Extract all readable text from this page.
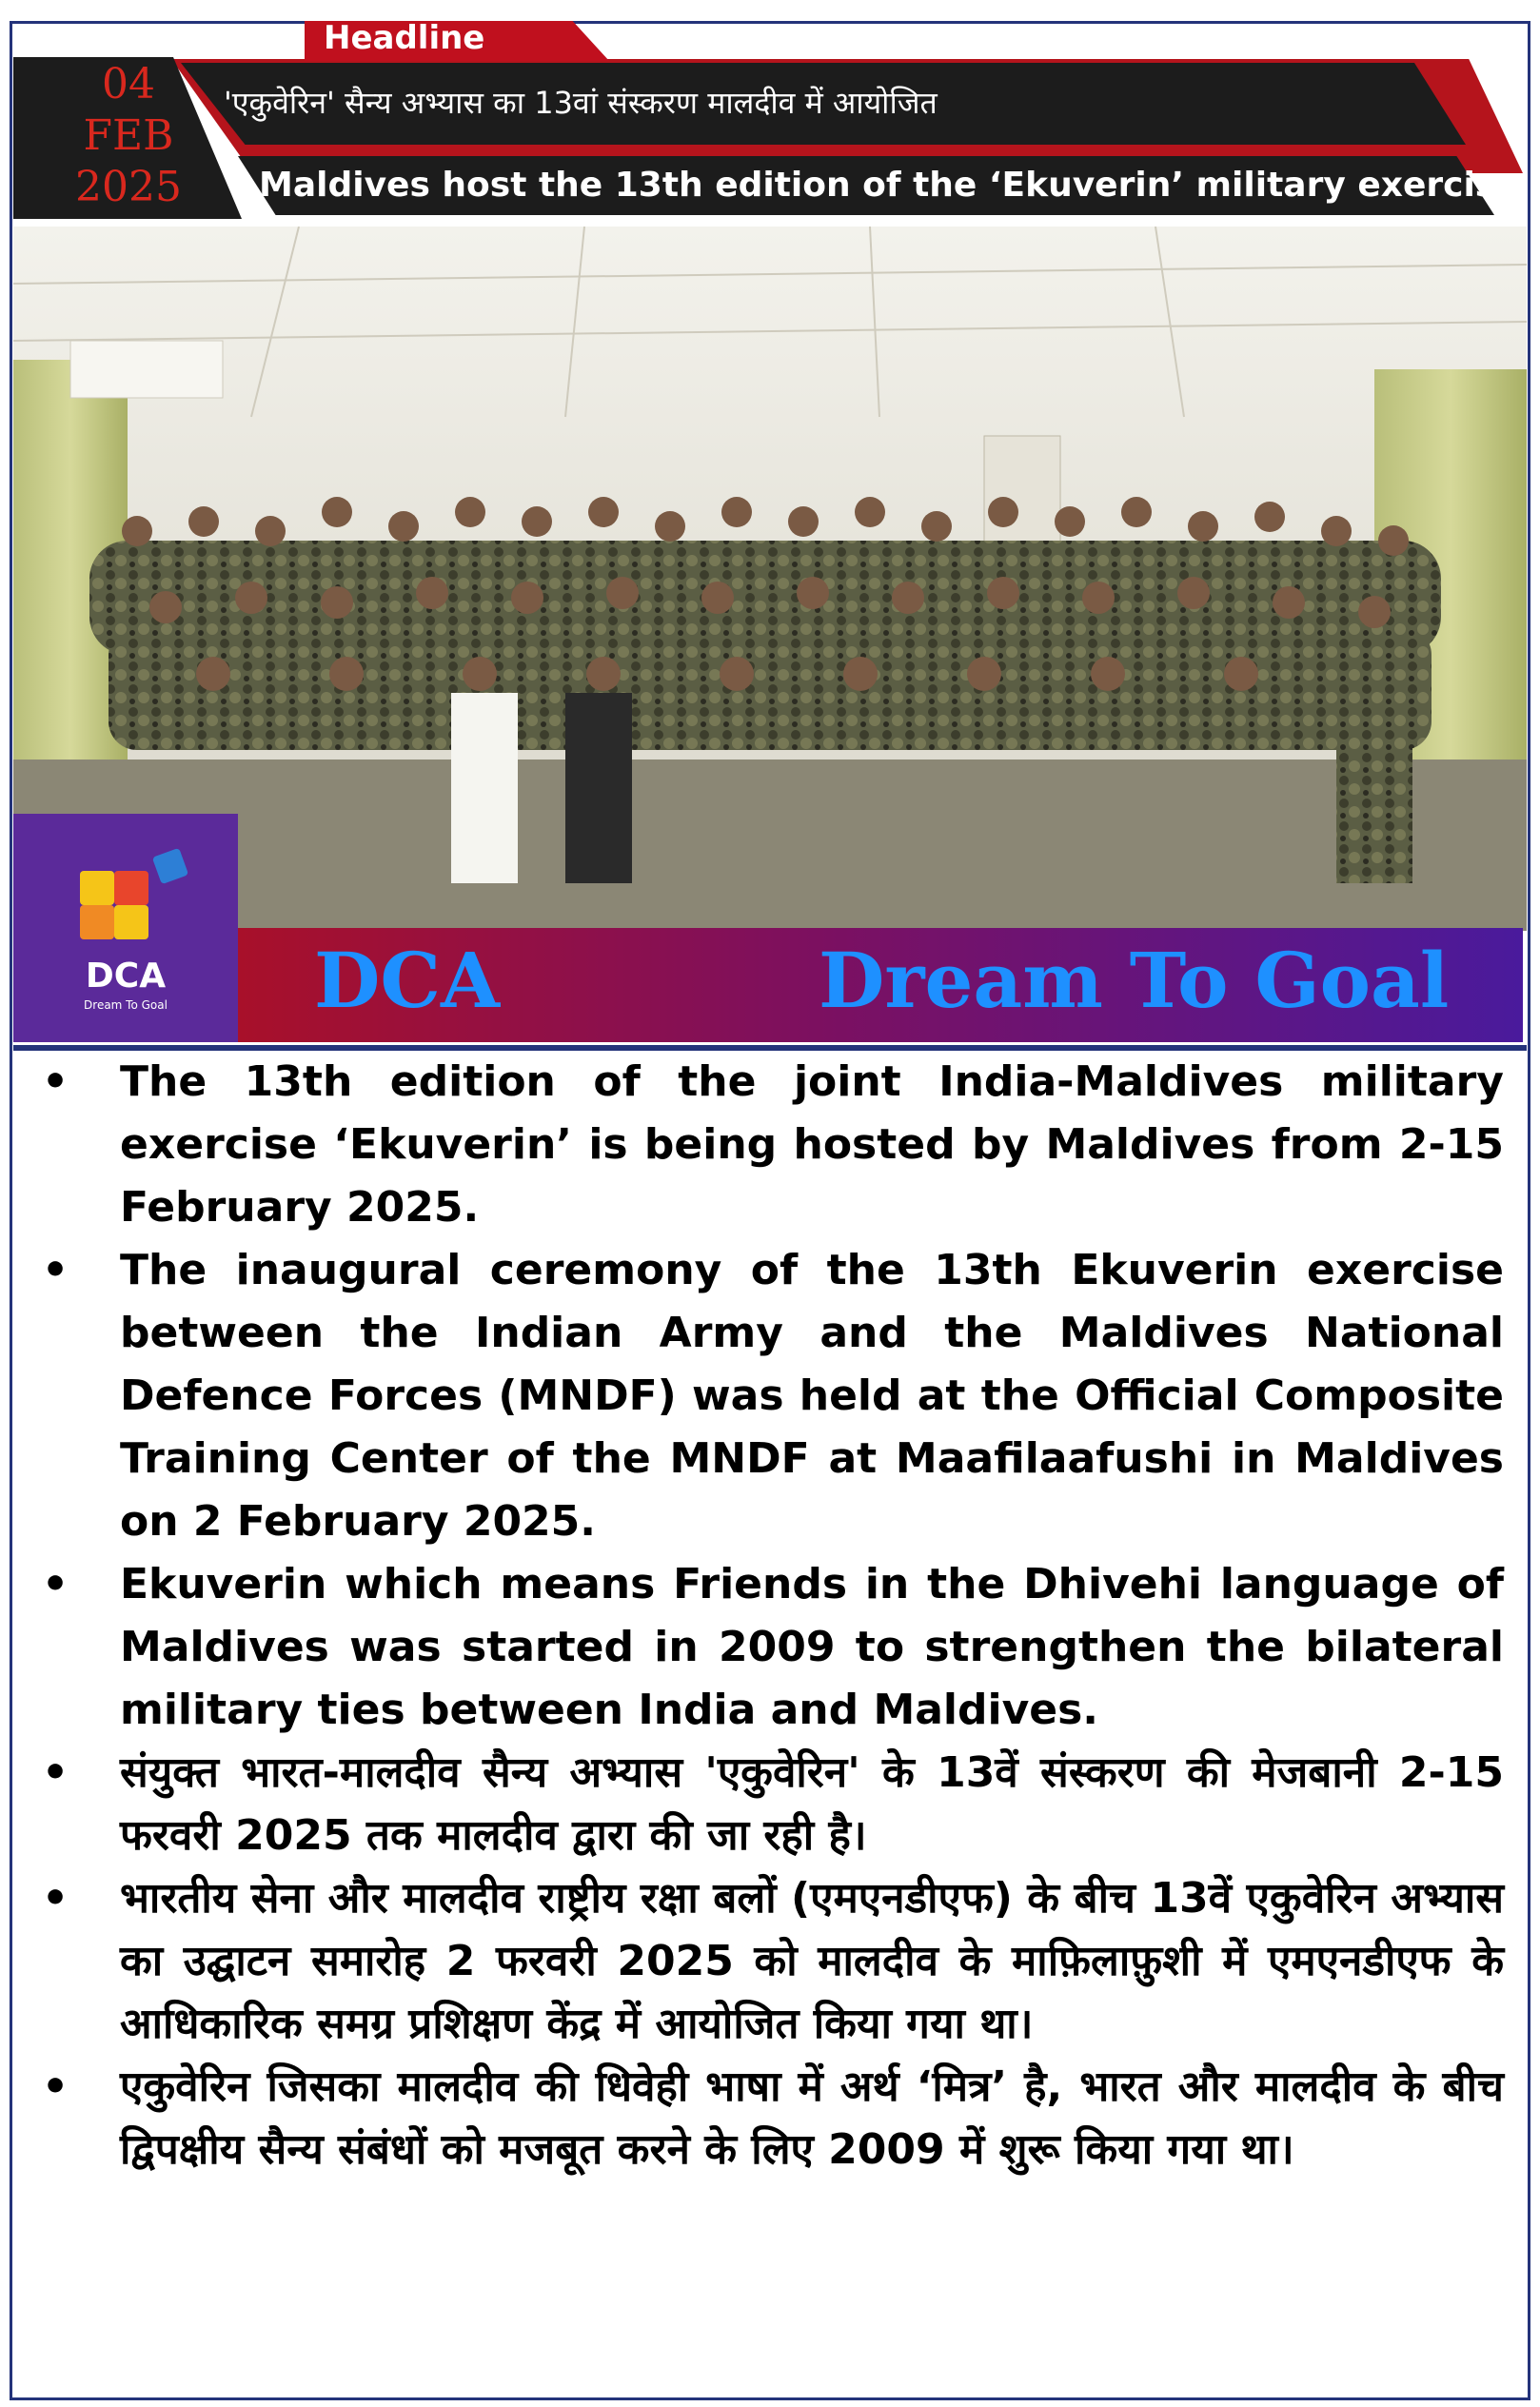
Headline
04
FEB
2025
'एकुवेरिन' सैन्य अभ्यास का 13वां संस्करण मालदीव में आयोजित
Maldives host the 13th edition of the ‘Ekuverin’ military exercise
DCA	Dream To Goal
DCA
Dream To Goal
• The 13th edition of the joint India-Maldives military exercise ‘Ekuverin’ is being hosted by Maldives from 2-15 February 2025.
• The inaugural ceremony of the 13th Ekuverin exercise between the Indian Army and the Maldives National Defence Forces (MNDF) was held at the Official Composite Training Center of the MNDF at Maafilaafushi in Maldives on 2 February 2025.
• Ekuverin which means Friends in the Dhivehi language of Maldives was started in 2009 to strengthen the bilateral military ties between India and Maldives.
• संयुक्त भारत-मालदीव सैन्य अभ्यास 'एकुवेरिन' के 13वें संस्करण की मेजबानी 2-15 फरवरी 2025 तक मालदीव द्वारा की जा रही है।
• भारतीय सेना और मालदीव राष्ट्रीय रक्षा बलों (एमएनडीएफ) के बीच 13वें एकुवेरिन अभ्यास का उद्घाटन समारोह 2 फरवरी 2025 को मालदीव के माफ़िलाफ़ुशी में एमएनडीएफ के आधिकारिक समग्र प्रशिक्षण केंद्र में आयोजित किया गया था।
• एकुवेरिन जिसका मालदीव की धिवेही भाषा में अर्थ ‘मित्र’ है, भारत और मालदीव के बीच द्विपक्षीय सैन्य संबंधों को मजबूत करने के लिए 2009 में शुरू किया गया था।
